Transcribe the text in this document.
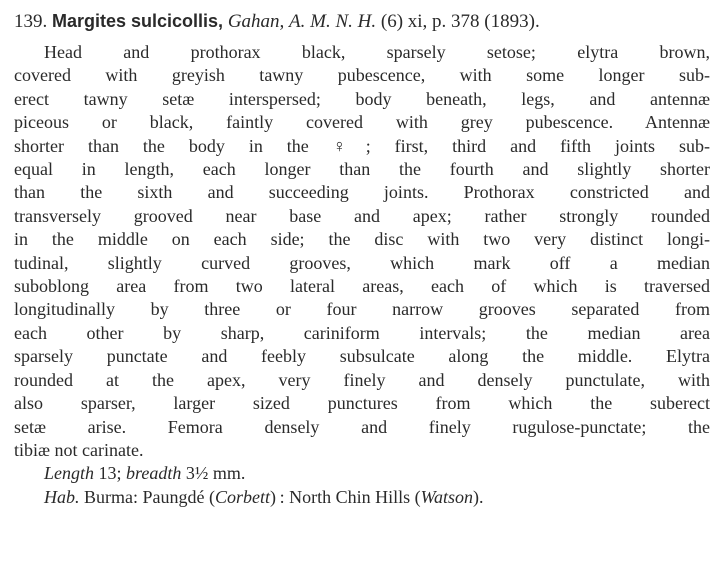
139. Margites sulcicollis, Gahan, A. M. N. H. (6) xi, p. 378 (1893).

Head and prothorax black, sparsely setose; elytra brown,
covered with greyish tawny pubescence, with some longer sub-
erect tawny setæ interspersed; body beneath, legs, and antennæ
piceous or black, faintly covered with grey pubescence. Antennæ
shorter than the body in the ♀; first, third and fifth joints sub-
equal in length, each longer than the fourth and slightly shorter
than the sixth and succeeding joints. Prothorax constricted and
transversely grooved near base and apex; rather strongly rounded
in the middle on each side; the disc with two very distinct longi-
tudinal, slightly curved grooves, which mark off a median
suboblong area from two lateral areas, each of which is traversed
longitudinally by three or four narrow grooves separated from
each other by sharp, cariniform intervals; the median area
sparsely punctate and feebly subsulcate along the middle. Elytra
rounded at the apex, very finely and densely punctulate, with
also sparser, larger sized punctures from which the suberect
setæ arise. Femora densely and finely rugulose-punctate; the
tibiæ not carinate.

Length 13; breadth 3½ mm.

Hab. Burma: Paungdé (Corbett) : North Chin Hills (Watson).
